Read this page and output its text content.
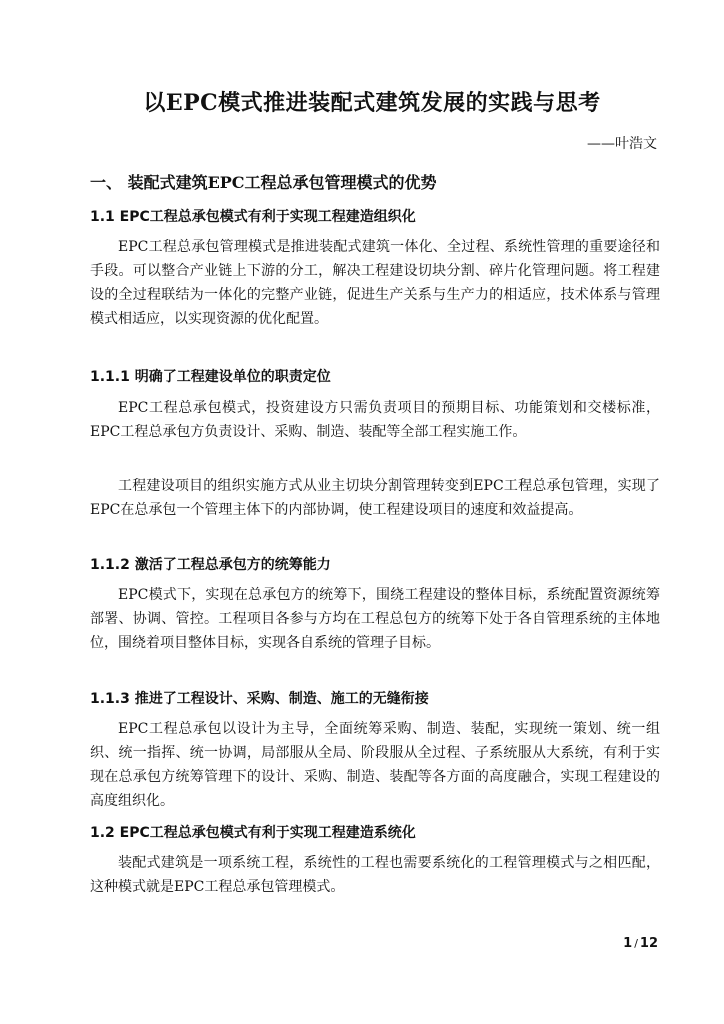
以EPC模式推进装配式建筑发展的实践与思考
——叶浩文
一、 装配式建筑EPC工程总承包管理模式的优势
1.1 EPC工程总承包模式有利于实现工程建造组织化

EPC工程总承包管理模式是推进装配式建筑一体化、全过程、系统性管理的重要途径和手段。可以整合产业链上下游的分工，解决工程建设切块分割、碎片化管理问题。将工程建设的全过程联结为一体化的完整产业链，促进生产关系与生产力的相适应，技术体系与管理模式相适应，以实现资源的优化配置。

1.1.1 明确了工程建设单位的职责定位

EPC工程总承包模式，投资建设方只需负责项目的预期目标、功能策划和交楼标准，EPC工程总承包方负责设计、采购、制造、装配等全部工程实施工作。

工程建设项目的组织实施方式从业主切块分割管理转变到EPC工程总承包管理，实现了EPC在总承包一个管理主体下的内部协调，使工程建设项目的速度和效益提高。

1.1.2 激活了工程总承包方的统筹能力

EPC模式下，实现在总承包方的统筹下，围绕工程建设的整体目标，系统配置资源统筹部署、协调、管控。工程项目各参与方均在工程总包方的统筹下处于各自管理系统的主体地位，围绕着项目整体目标，实现各自系统的管理子目标。

1.1.3 推进了工程设计、采购、制造、施工的无缝衔接

EPC工程总承包以设计为主导，全面统筹采购、制造、装配，实现统一策划、统一组织、统一指挥、统一协调，局部服从全局、阶段服从全过程、子系统服从大系统，有利于实现在总承包方统筹管理下的设计、采购、制造、装配等各方面的高度融合，实现工程建设的高度组织化。

1.2 EPC工程总承包模式有利于实现工程建造系统化

装配式建筑是一项系统工程，系统性的工程也需要系统化的工程管理模式与之相匹配，这种模式就是EPC工程总承包管理模式。

1 / 12
